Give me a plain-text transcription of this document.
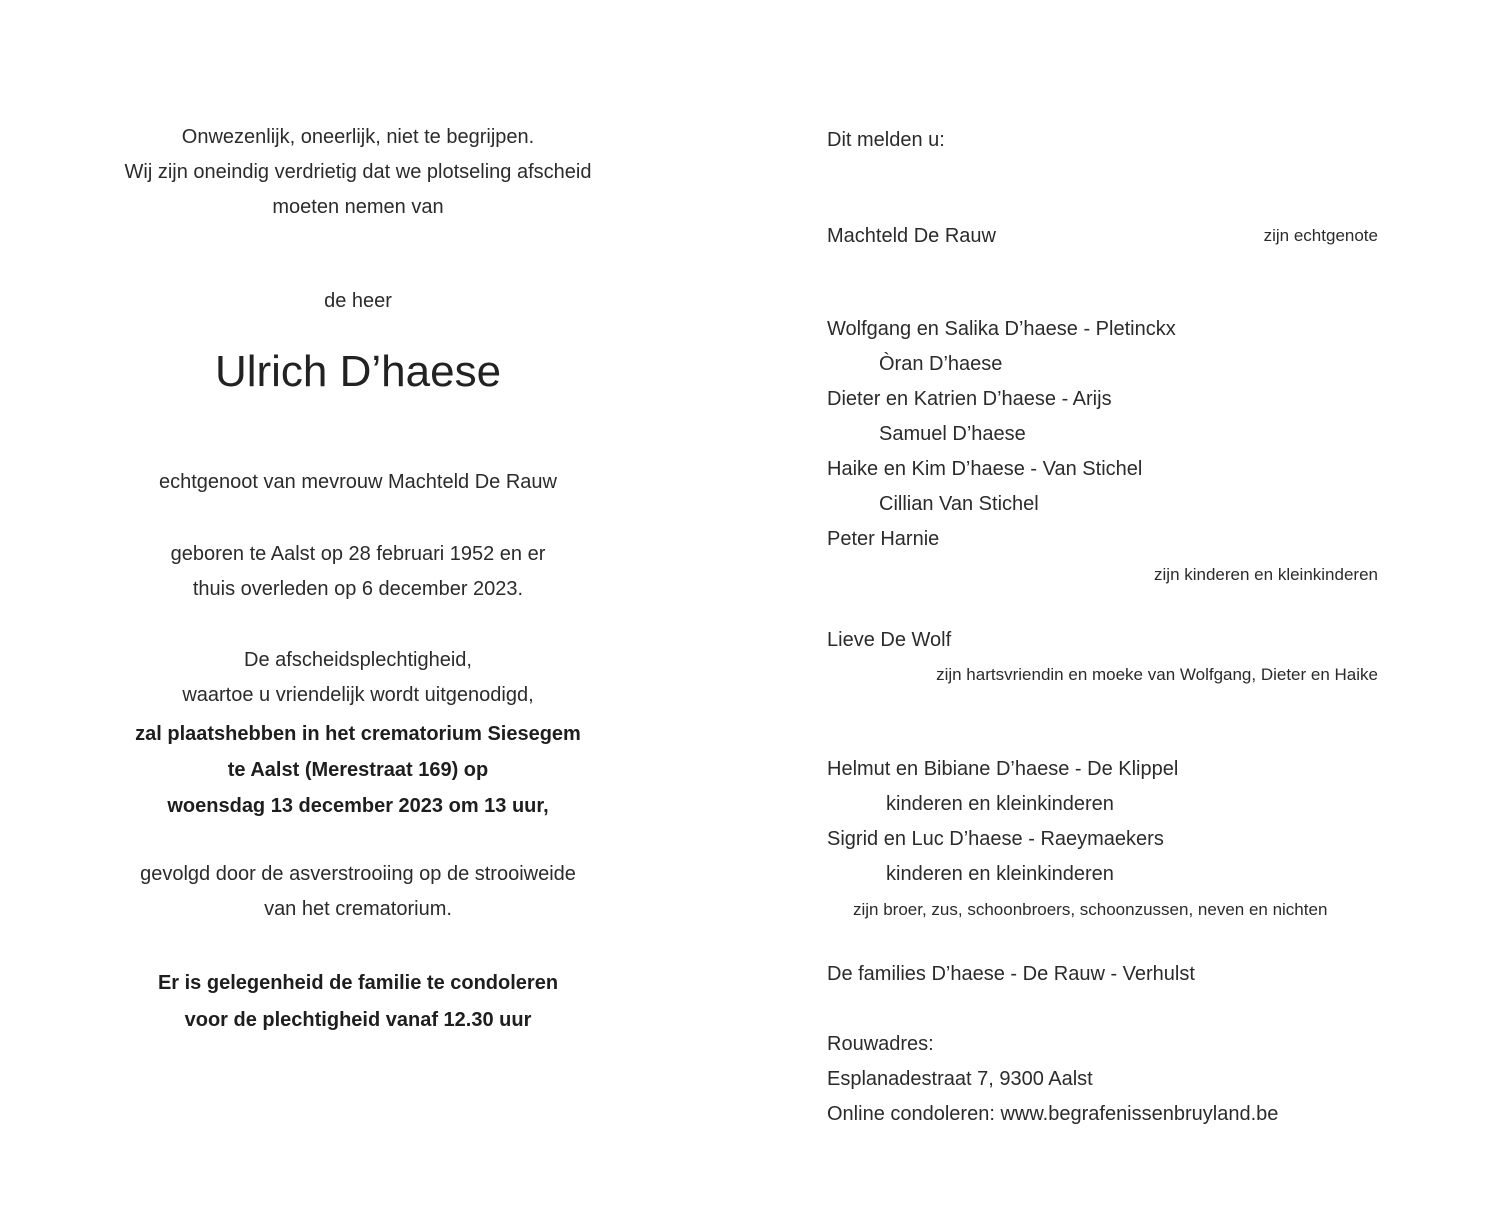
Onwezenlijk, oneerlijk, niet te begrijpen.
Wij zijn oneindig verdrietig dat we plotseling afscheid
moeten nemen van
de heer
Ulrich D’haese
echtgenoot van mevrouw Machteld De Rauw
geboren te Aalst op 28 februari 1952 en er
thuis overleden op 6 december 2023.
De afscheidsplechtigheid,
waartoe u vriendelijk wordt uitgenodigd,
zal plaatshebben in het crematorium Siesegem
te Aalst (Merestraat 169) op
woensdag 13 december 2023 om 13 uur,
gevolgd door de asverstrooiing op de strooiweide
van het crematorium.
Er is gelegenheid de familie te condoleren
voor de plechtigheid vanaf 12.30 uur
Dit melden u:
Machteld De Rauw	zijn echtgenote
Wolfgang en Salika D’haese - Pletinckx
Òran D’haese
Dieter en Katrien D’haese - Arijs
Samuel D’haese
Haike en Kim D’haese - Van Stichel
Cillian Van Stichel
Peter Harnie
zijn kinderen en kleinkinderen
Lieve De Wolf
zijn hartsvriendin en moeke van Wolfgang, Dieter en Haike
Helmut en Bibiane D’haese - De Klippel
kinderen en kleinkinderen
Sigrid en Luc D’haese - Raeymaekers
kinderen en kleinkinderen
zijn broer, zus, schoonbroers, schoonzussen, neven en nichten
De families D’haese - De Rauw - Verhulst
Rouwadres:
Esplanadestraat 7, 9300 Aalst
Online condoleren: www.begrafenissenbruyland.be
